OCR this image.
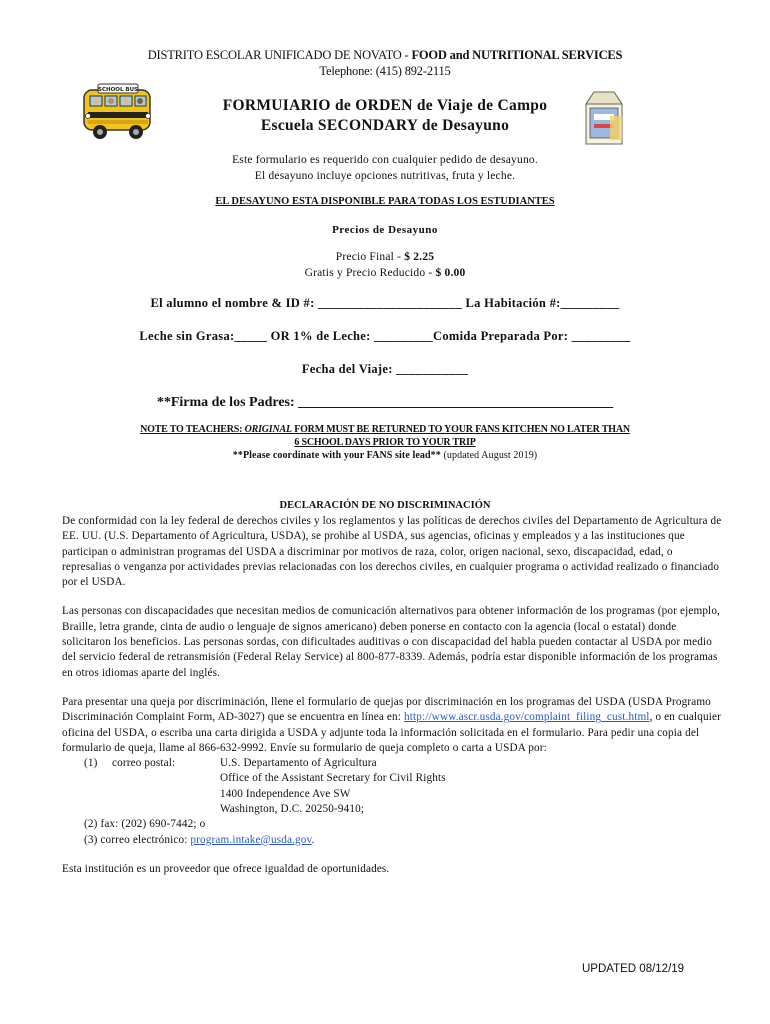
DISTRITO ESCOLAR UNIFICADO DE NOVATO - FOOD and NUTRITIONAL SERVICES
Telephone: (415) 892-2115
SCHOOL BUS
FORMUIARIO de ORDEN de Viaje de Campo
Escuela SECONDARY de Desayuno
Este formulario es requerido con cualquier pedido de desayuno.
El desayuno incluye opciones nutritivas, fruta y leche.
EL DESAYUNO ESTA DISPONIBLE PARA TODAS LOS ESTUDIANTES
Precios de Desayuno
Precio Final - $ 2.25
Gratis y Precio Reducido - $ 0.00
El alumno el nombre & ID #: ______________________ La Habitación #:_________
Leche sin Grasa:_____ OR 1% de Leche: _________Comida Preparada Por: _________
Fecha del Viaje: ___________
**Firma de los Padres: _____________________________________________
NOTE TO TEACHERS: ORIGINAL FORM MUST BE RETURNED TO YOUR FANS KITCHEN NO LATER THAN
6 SCHOOL DAYS PRIOR TO YOUR TRIP
**Please coordinate with your FANS site lead** (updated August 2019)
DECLARACIÓN DE NO DISCRIMINACIÓN

De conformidad con la ley federal de derechos civiles y los reglamentos y las políticas de derechos civiles del Departamento de Agricultura de EE. UU. (U.S. Departamento of Agricultura, USDA), se prohibe al USDA, sus agencias, oficinas y empleados y a las instituciones que participan o administran programas del USDA a discriminar por motivos de raza, color, origen nacional, sexo, discapacidad, edad, o represalias o venganza por actividades previas relacionadas con los derechos civiles, en cualquier programa o actividad realizado o financiado por el USDA.

Las personas con discapacidades que necesitan medios de comunicación alternativos para obtener información de los programas (por ejemplo, Braille, letra grande, cinta de audio o lenguaje de signos americano) deben ponerse en contacto con la agencia (local o estatal) donde solicitaron los beneficios. Las personas sordas, con dificultades auditivas o con discapacidad del habla pueden contactar al USDA por medio del servicio federal de retransmisión (Federal Relay Service) al 800-877-8339. Además, podría estar disponible información de los programas en otros idiomas aparte del inglés.

Para presentar una queja por discriminación, llene el formulario de quejas por discriminación en los programas del USDA (USDA Programo Discriminación Complaint Form, AD-3027) que se encuentra en línea en: http://www.ascr.usda.gov/complaint_filing_cust.html, o en cualquier oficina del USDA, o escriba una carta dirigida a USDA y adjunte toda la información solicitada en el formulario. Para pedir una copia del formulario de queja, llame al 866-632-9992. Envíe su formulario de queja completo o carta a USDA por:

(1)	correo postal:	U.S. Departamento of Agricultura
Office of the Assistant Secretary for Civil Rights
1400 Independence Ave SW
Washington, D.C. 20250-9410;
(2) fax: (202) 690-7442; o
(3) correo electrónico: program.intake@usda.gov.
Esta institución es un proveedor que ofrece igualdad de oportunidades.
UPDATED 08/12/19
